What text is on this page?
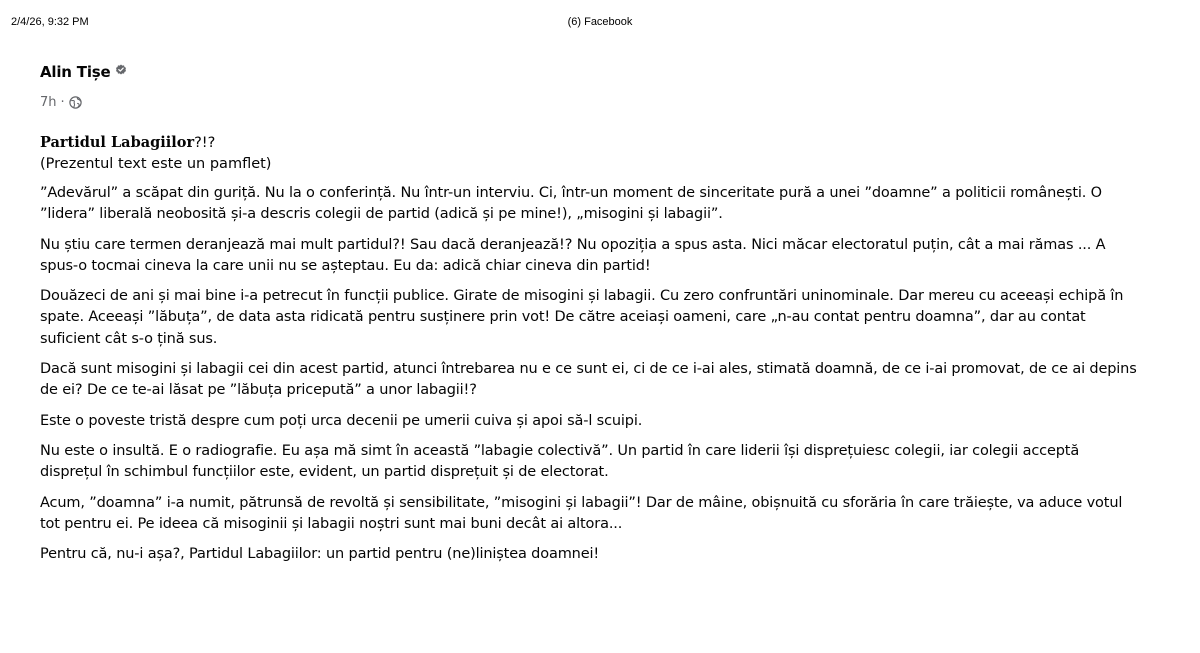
2/4/26, 9:32 PM	(6) Facebook
Alin Tișe
7h ·
Partidul Labagiilor?!?
(Prezentul text este un pamflet)

”Adevărul” a scăpat din guriță. Nu la o conferință. Nu într-un interviu. Ci, într-un moment de sinceritate pură a unei ”doamne” a politicii românești. O ”lidera” liberală neobosită și-a descris colegii de partid (adică și pe mine!), „misogini și labagii”.

Nu știu care termen deranjează mai mult partidul?! Sau dacă deranjează!? Nu opoziția a spus asta. Nici măcar electoratul puțin, cât a mai rămas ... A spus-o tocmai cineva la care unii nu se așteptau. Eu da: adică chiar cineva din partid!

Douăzeci de ani și mai bine i-a petrecut în funcții publice. Girate de misogini și labagii. Cu zero confruntări uninominale. Dar mereu cu aceeași echipă în spate. Aceeași ”lăbuța”, de data asta ridicată pentru susținere prin vot! De către aceiași oameni, care „n-au contat pentru doamna”, dar au contat suficient cât s-o țină sus.

Dacă sunt misogini și labagii cei din acest partid, atunci întrebarea nu e ce sunt ei, ci de ce i-ai ales, stimată doamnă, de ce i-ai promovat, de ce ai depins de ei? De ce te-ai lăsat pe ”lăbuța pricepută” a unor labagii!?

Este o poveste tristă despre cum poți urca decenii pe umerii cuiva și apoi să-l scuipi.

Nu este o insultă. E o radiografie. Eu așa mă simt în această ”labagie colectivă”. Un partid în care liderii își disprețuiesc colegii, iar colegii acceptă disprețul în schimbul funcțiilor este, evident, un partid disprețuit și de electorat.

Acum, ”doamna” i-a numit, pătrunsă de revoltă și sensibilitate, ”misogini și labagii”! Dar de mâine, obișnuită cu sforăria în care trăiește, va aduce votul tot pentru ei. Pe ideea că misoginii și labagii noștri sunt mai buni decât ai altora...

Pentru că, nu-i așa?, Partidul Labagiilor: un partid pentru (ne)liniștea doamnei!
